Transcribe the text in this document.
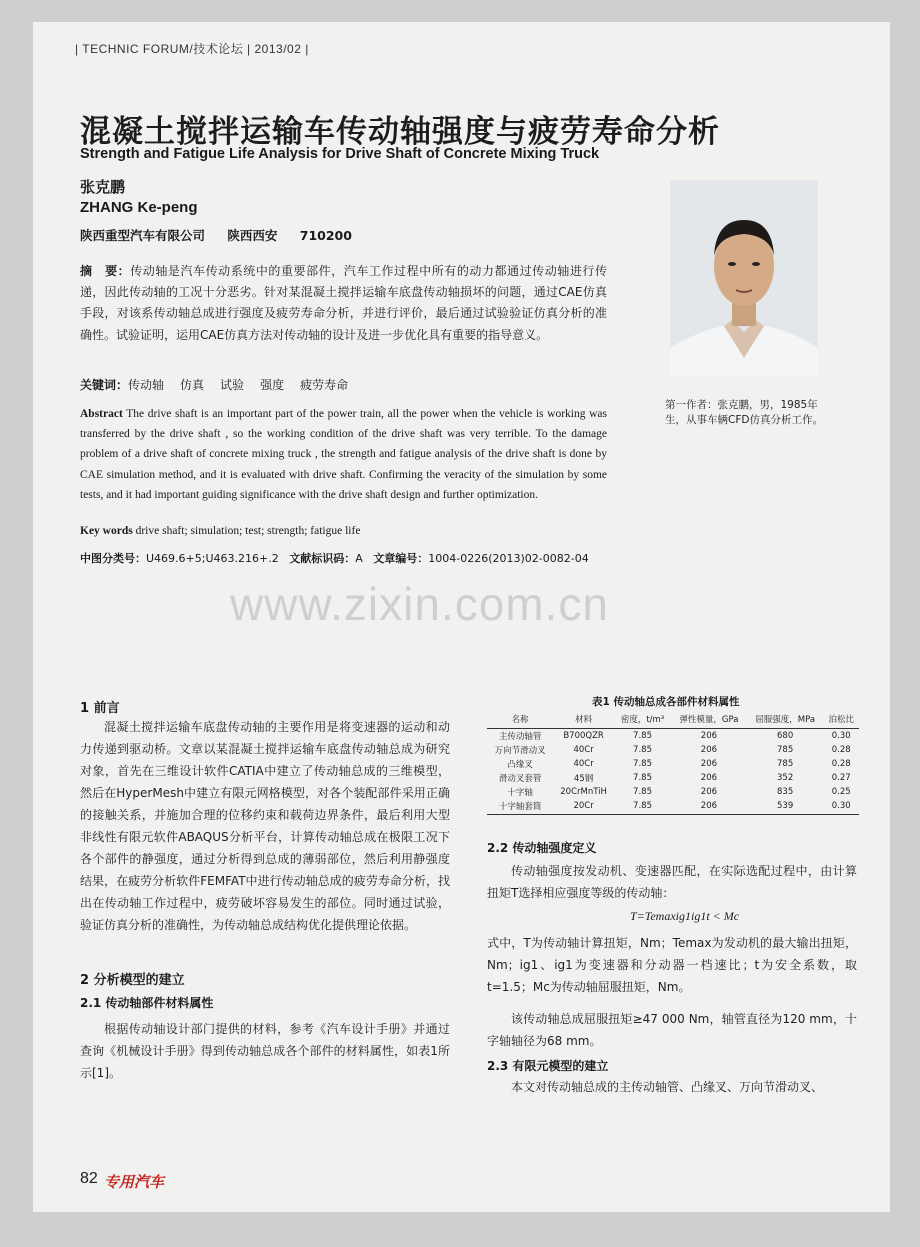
| TECHNIC FORUM/技术论坛 | 2013/02 |
混凝土搅拌运输车传动轴强度与疲劳寿命分析
Strength and Fatigue Life Analysis for Drive Shaft of Concrete Mixing Truck
张克鹏
ZHANG Ke-peng
陕西重型汽车有限公司 陕西西安 710200
摘　要：传动轴是汽车传动系统中的重要部件，汽车工作过程中所有的动力都通过传动轴进行传递，因此传动轴的工况十分恶劣。针对某混凝土搅拌运输车底盘传动轴损坏的问题，通过CAE仿真手段，对该系传动轴总成进行强度及疲劳寿命分析，并进行评价，最后通过试验验证仿真分析的准确性。试验证明，运用CAE仿真方法对传动轴的设计及进一步优化具有重要的指导意义。
关键词：传动轴 仿真 试验 强度 疲劳寿命
Abstract The drive shaft is an important part of the power train, all the power when the vehicle is working was transferred by the drive shaft , so the working condition of the drive shaft was very terrible. To the damage problem of a drive shaft of concrete mixing truck , the strength and fatigue analysis of the drive shaft is done by CAE simulation method, and it is evaluated with drive shaft. Confirming the veracity of the simulation by some tests, and it had important guiding significance with the drive shaft design and further optimization.
Key words drive shaft; simulation; test; strength; fatigue life
中图分类号：U469.6+5;U463.216+.2 文献标识码：A 文章编号：1004-0226(2013)02-0082-04
第一作者：张克鹏，男，1985年生，从事车辆CFD仿真分析工作。
www.zixin.com.cn
1 前言
混凝土搅拌运输车底盘传动轴的主要作用是将变速器的运动和动力传递到驱动桥。文章以某混凝土搅拌运输车底盘传动轴总成为研究对象，首先在三维设计软件CATIA中建立了传动轴总成的三维模型，然后在HyperMesh中建立有限元网格模型，对各个装配部件采用正确的接触关系，并施加合理的位移约束和载荷边界条件，最后利用大型非线性有限元软件ABAQUS分析平台，计算传动轴总成在极限工况下各个部件的静强度，通过分析得到总成的薄弱部位，然后利用静强度结果，在疲劳分析软件FEMFAT中进行传动轴总成的疲劳寿命分析，找出在传动轴工作过程中，疲劳破坏容易发生的部位。同时通过试验，验证仿真分析的准确性，为传动轴总成结构优化提供理论依据。
2 分析模型的建立
2.1 传动轴部件材料属性
根据传动轴设计部门提供的材料，参考《汽车设计手册》并通过查询《机械设计手册》得到传动轴总成各个部件的材料属性，如表1所示[1]。
表1 传动轴总成各部件材料属性
名称	材料	密度，t/m³	弹性模量，GPa	屈服强度，MPa	泊松比
主传动轴管	B700QZR	7.85	206	680	0.30
万向节滑动叉	40Cr	7.85	206	785	0.28
凸缘叉	40Cr	7.85	206	785	0.28
滑动叉套管	45钢	7.85	206	352	0.27
十字轴	20CrMnTiH	7.85	206	835	0.25
十字轴套筒	20Cr	7.85	206	539	0.30
2.2 传动轴强度定义
传动轴强度按发动机、变速器匹配，在实际选配过程中，由计算扭矩T选择相应强度等级的传动轴：
T=Temaxig1ig1t < Mc
式中，T为传动轴计算扭矩，Nm；Temax为发动机的最大输出扭矩，Nm；ig1、ig1为变速器和分动器一档速比；t为安全系数，取t=1.5；Mc为传动轴屈服扭矩，Nm。
该传动轴总成屈服扭矩≥47 000 Nm，轴管直径为120 mm，十字轴轴径为68 mm。
2.3 有限元模型的建立
本文对传动轴总成的主传动轴管、凸缘叉、万向节滑动叉、
82 专用汽车
